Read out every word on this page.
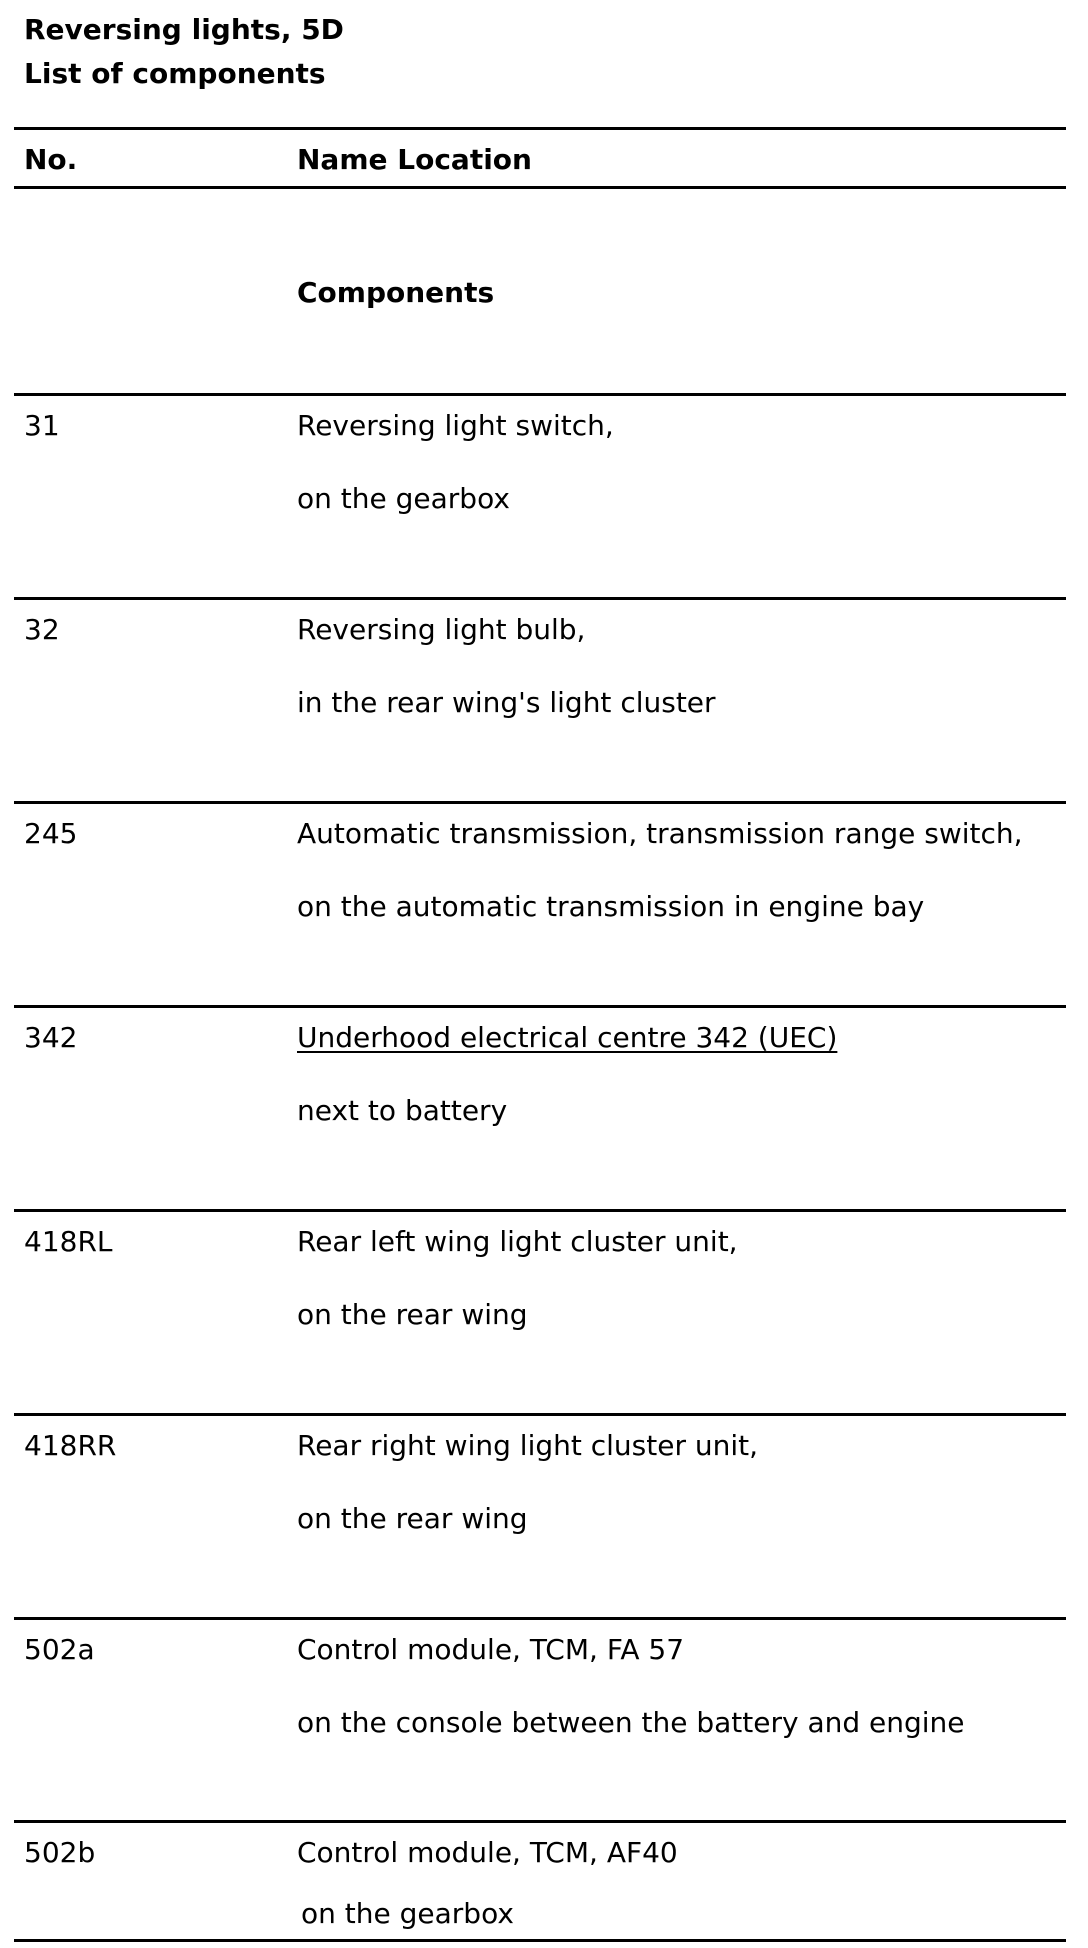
Reversing lights, 5D
List of components
No.	Name Location
Components
31	Reversing light switch,
on the gearbox
32	Reversing light bulb,
in the rear wing's light cluster
245	Automatic transmission, transmission range switch,
on the automatic transmission in engine bay
342	Underhood electrical centre 342 (UEC)
next to battery
418RL	Rear left wing light cluster unit,
on the rear wing
418RR	Rear right wing light cluster unit,
on the rear wing
502a	Control module, TCM, FA 57
on the console between the battery and engine
502b	Control module, TCM, AF40
on the gearbox
